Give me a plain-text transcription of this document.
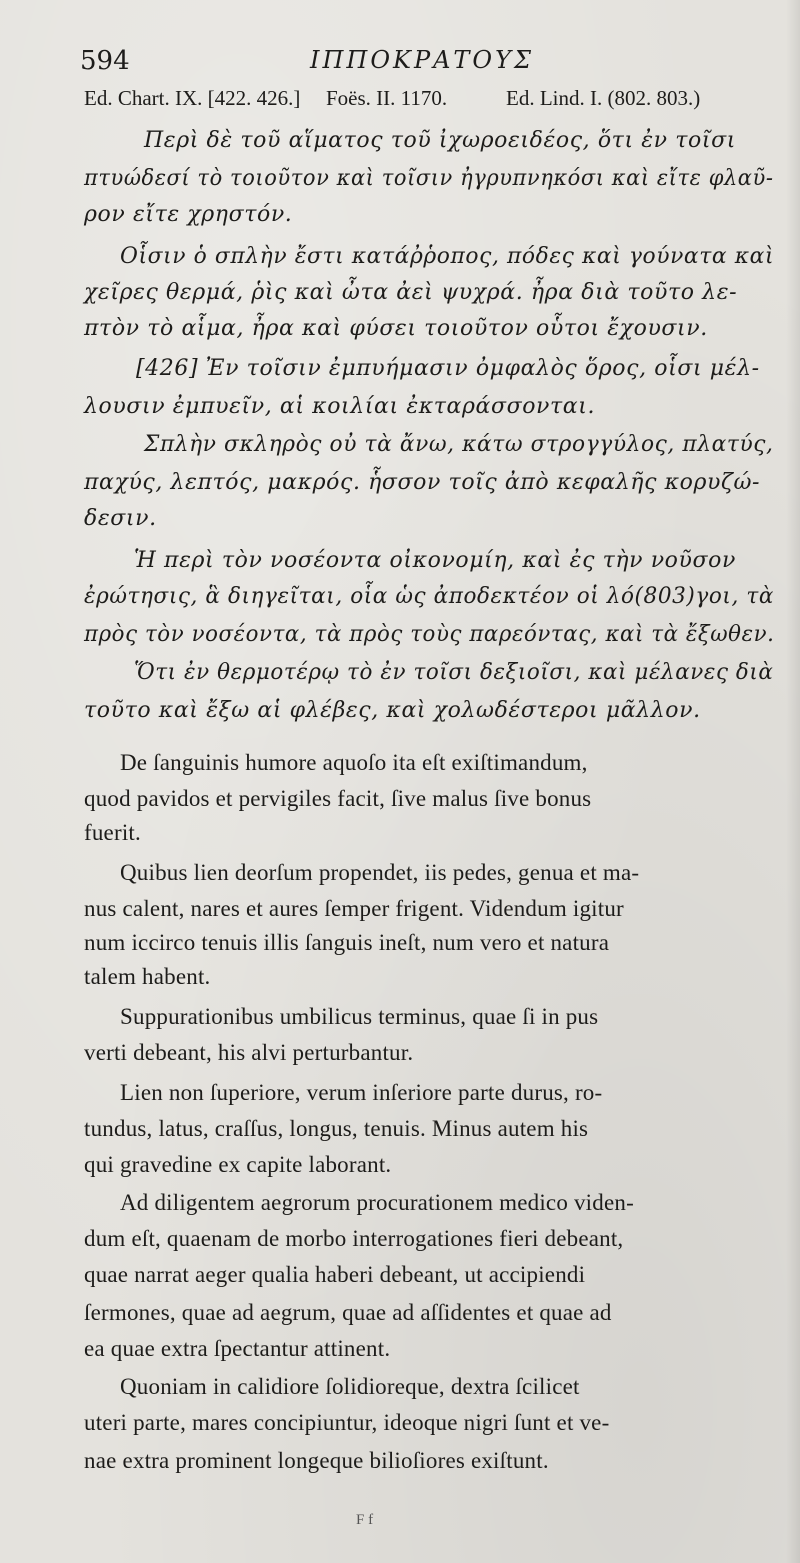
594	ΙΠΠΟΚΡΑΤΟΥΣ
Ed. Chart. IX. [422. 426.] Foës. II. 1170.	Ed. Lind. I. (802. 803.)
Περὶ δὲ τοῦ αἵματος τοῦ ἰχωροειδέος, ὅτι ἐν τοῖσι
πτυώδεσί τὸ τοιοῦτον καὶ τοῖσιν ἠγρυπνηκόσι καὶ εἴτε φλαῦ-
ρον εἴτε χρηστόν.
Οἷσιν ὁ σπλὴν ἔστι κατάῤῥοπος, πόδες καὶ γούνατα καὶ
χεῖρες θερμά, ῥὶς καὶ ὦτα ἀεὶ ψυχρά. ἦρα διὰ τοῦτο λε-
πτὸν τὸ αἷμα, ἦρα καὶ φύσει τοιοῦτον οὗτοι ἔχουσιν.
[426] Ἐν τοῖσιν ἐμπυήμασιν ὀμφαλὸς ὅρος, οἷσι μέλ-
λουσιν ἐμπυεῖν, αἱ κοιλίαι ἐκταράσσονται.
Σπλὴν σκληρὸς οὐ τὰ ἄνω, κάτω στρογγύλος, πλατύς,
παχύς, λεπτός, μακρός. ἧσσον τοῖς ἀπὸ κεφαλῆς κορυζώ-
δεσιν.
Ἡ περὶ τὸν νοσέοντα οἰκονομίη, καὶ ἐς τὴν νοῦσον
ἐρώτησις, ἃ διηγεῖται, οἷα ὡς ἀποδεκτέον οἱ λό(803)γοι, τὰ
πρὸς τὸν νοσέοντα, τὰ πρὸς τοὺς παρεόντας, καὶ τὰ ἔξωθεν.
Ὅτι ἐν θερμοτέρῳ τὸ ἐν τοῖσι δεξιοῖσι, καὶ μέλανες διὰ
τοῦτο καὶ ἔξω αἱ φλέβες, καὶ χολωδέστεροι μᾶλλον.
De ſanguinis humore aquoſo ita eſt exiſtimandum,
quod pavidos et pervigiles facit, ſive malus ſive bonus
fuerit.
Quibus lien deorſum propendet, iis pedes, genua et ma-
nus calent, nares et aures ſemper frigent. Videndum igitur
num iccirco tenuis illis ſanguis ineſt, num vero et natura
talem habent.
Suppurationibus umbilicus terminus, quae ſi in pus
verti debeant, his alvi perturbantur.
Lien non ſuperiore, verum inſeriore parte durus, ro-
tundus, latus, craſſus, longus, tenuis. Minus autem his
qui gravedine ex capite laborant.
Ad diligentem aegrorum procurationem medico viden-
dum eſt, quaenam de morbo interrogationes fieri debeant,
quae narrat aeger qualia haberi debeant, ut accipiendi
ſermones, quae ad aegrum, quae ad aſſidentes et quae ad
ea quae extra ſpectantur attinent.
Quoniam in calidiore ſolidioreque, dextra ſcilicet
uteri parte, mares concipiuntur, ideoque nigri ſunt et ve-
nae extra prominent longeque bilioſiores exiſtunt.
F f
